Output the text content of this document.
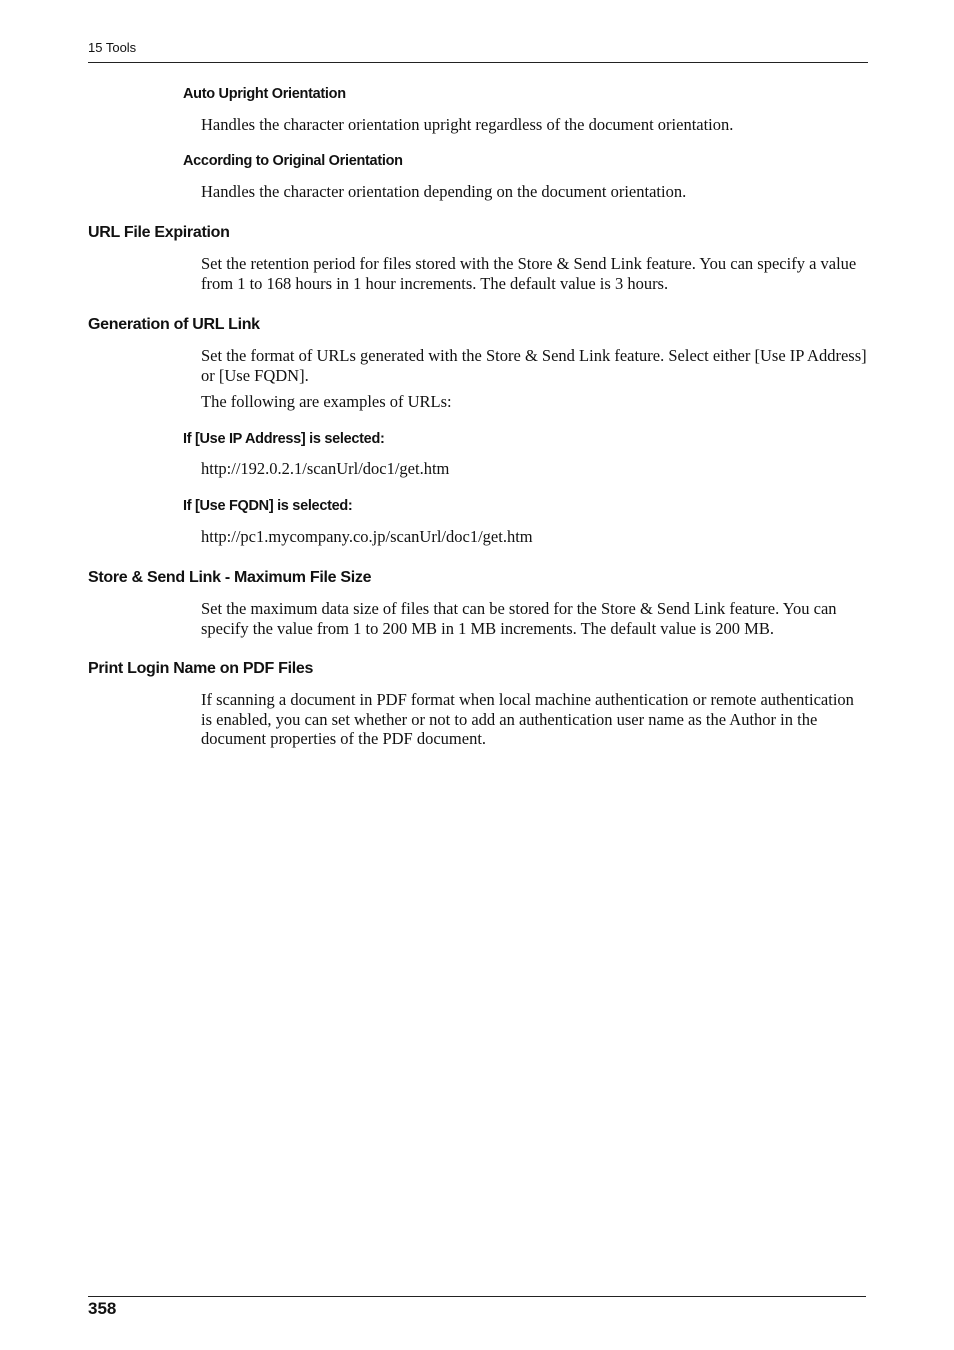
15 Tools
Auto Upright Orientation
Handles the character orientation upright regardless of the document orientation.
According to Original Orientation
Handles the character orientation depending on the document orientation.
URL File Expiration
Set the retention period for files stored with the Store & Send Link feature. You can specify a value from 1 to 168 hours in 1 hour increments. The default value is 3 hours.
Generation of URL Link
Set the format of URLs generated with the Store & Send Link feature. Select either [Use IP Address] or [Use FQDN].
The following are examples of URLs:
If [Use IP Address] is selected:
http://192.0.2.1/scanUrl/doc1/get.htm
If [Use FQDN] is selected:
http://pc1.mycompany.co.jp/scanUrl/doc1/get.htm
Store & Send Link - Maximum File Size
Set the maximum data size of files that can be stored for the Store & Send Link feature. You can specify the value from 1 to 200 MB in 1 MB increments. The default value is 200 MB.
Print Login Name on PDF Files
If scanning a document in PDF format when local machine authentication or remote authentication is enabled, you can set whether or not to add an authentication user name as the Author in the document properties of the PDF document.
358
